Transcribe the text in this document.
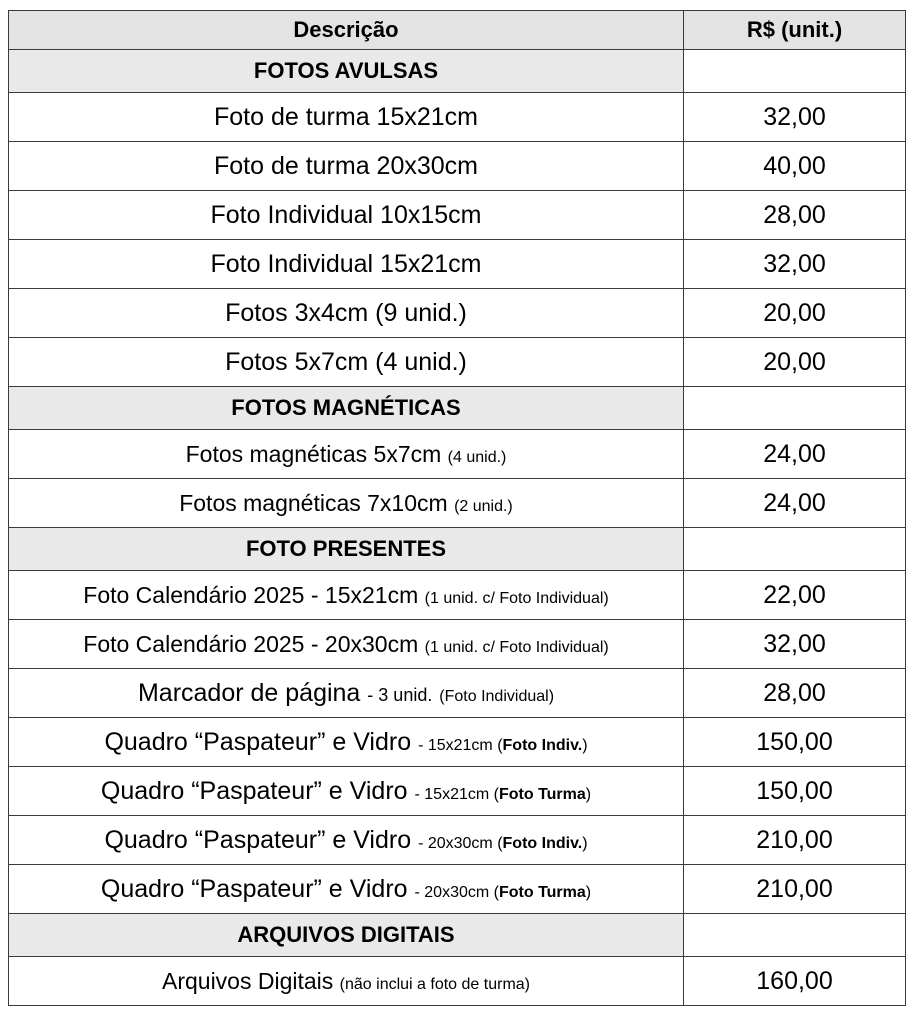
Descrição	R$ (unit.)
FOTOS AVULSAS	
Foto de turma 15x21cm	32,00
Foto de turma 20x30cm	40,00
Foto Individual 10x15cm	28,00
Foto Individual 15x21cm	32,00
Fotos 3x4cm (9 unid.)	20,00
Fotos 5x7cm (4 unid.)	20,00
FOTOS MAGNÉTICAS	
Fotos magnéticas 5x7cm (4 unid.)	24,00
Fotos magnéticas 7x10cm (2 unid.)	24,00
FOTO PRESENTES	
Foto Calendário 2025 - 15x21cm (1 unid. c/ Foto Individual)	22,00
Foto Calendário 2025 - 20x30cm (1 unid. c/ Foto Individual)	32,00
Marcador de página - 3 unid. (Foto Individual)	28,00
Quadro “Paspateur” e Vidro - 15x21cm (Foto Indiv.)	150,00
Quadro “Paspateur” e Vidro - 15x21cm (Foto Turma)	150,00
Quadro “Paspateur” e Vidro - 20x30cm (Foto Indiv.)	210,00
Quadro “Paspateur” e Vidro - 20x30cm (Foto Turma)	210,00
ARQUIVOS DIGITAIS	
Arquivos Digitais (não inclui a foto de turma)	160,00
